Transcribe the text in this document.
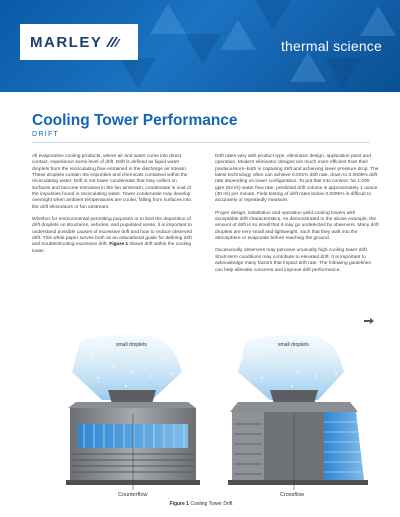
MARLEY	thermal science
Cooling Tower Performance
DRIFT

All evaporative cooling products, where air and water come into direct contact, experience some level of drift. Drift is defined as liquid water droplets from the recirculating flow entrained in the discharge air stream. These droplets contain the impurities and chemicals contained within the recirculating water. Drift is not tower condensate that may collect on surfaces and become entrained in the fan airstream; condensate is void of the impurities found in recirculating water. Tower condensate may develop overnight when ambient temperatures are cooler, falling from surfaces into the drift eliminators or fan airstream.

Whether for environmental permitting purposes or to limit the deposition of drift droplets on structures, vehicles, and populated areas, it is important to understand possible causes of excessive drift and how to reduce observed drift. This white paper serves both as an educational guide for defining drift and troubleshooting excessive drift. Figure 1 shows drift within the cooling tower.

Drift rates vary with product type, eliminator design, application point and operation. Modern eliminator designs are much more efficient than their predecessors–both in capturing drift and achieving lower pressure drop. The latest technology often can achieve 0.001% drift rate, down to 0.0005% drift rate depending on tower configuration. To put that into context, for 1,000 gpm (63 l/s) water flow rate, predicted drift volume is approximately 1 ounce (30 ml) per minute. Field testing of drift rates below 0.0005% is difficult to accurately or repeatedly measure.

Proper design, installation and operation yield cooling towers with acceptable drift characteristics. As demonstrated in the above example, the amount of drift is so small that it may go undetected by observers. Many drift droplets are very small and lightweight, such that they waft into the atmosphere or evaporate before reaching the ground.

Occasionally observers may perceive unusually high cooling tower drift. Short-term conditions may contribute to elevated drift. It is important to acknowledge many factors that impact drift rate. The following guidelines can help alleviate concerns and improve drift performance.

small droplets	small droplets
Counterflow	Crossflow
Figure 1 Cooling Tower Drift
